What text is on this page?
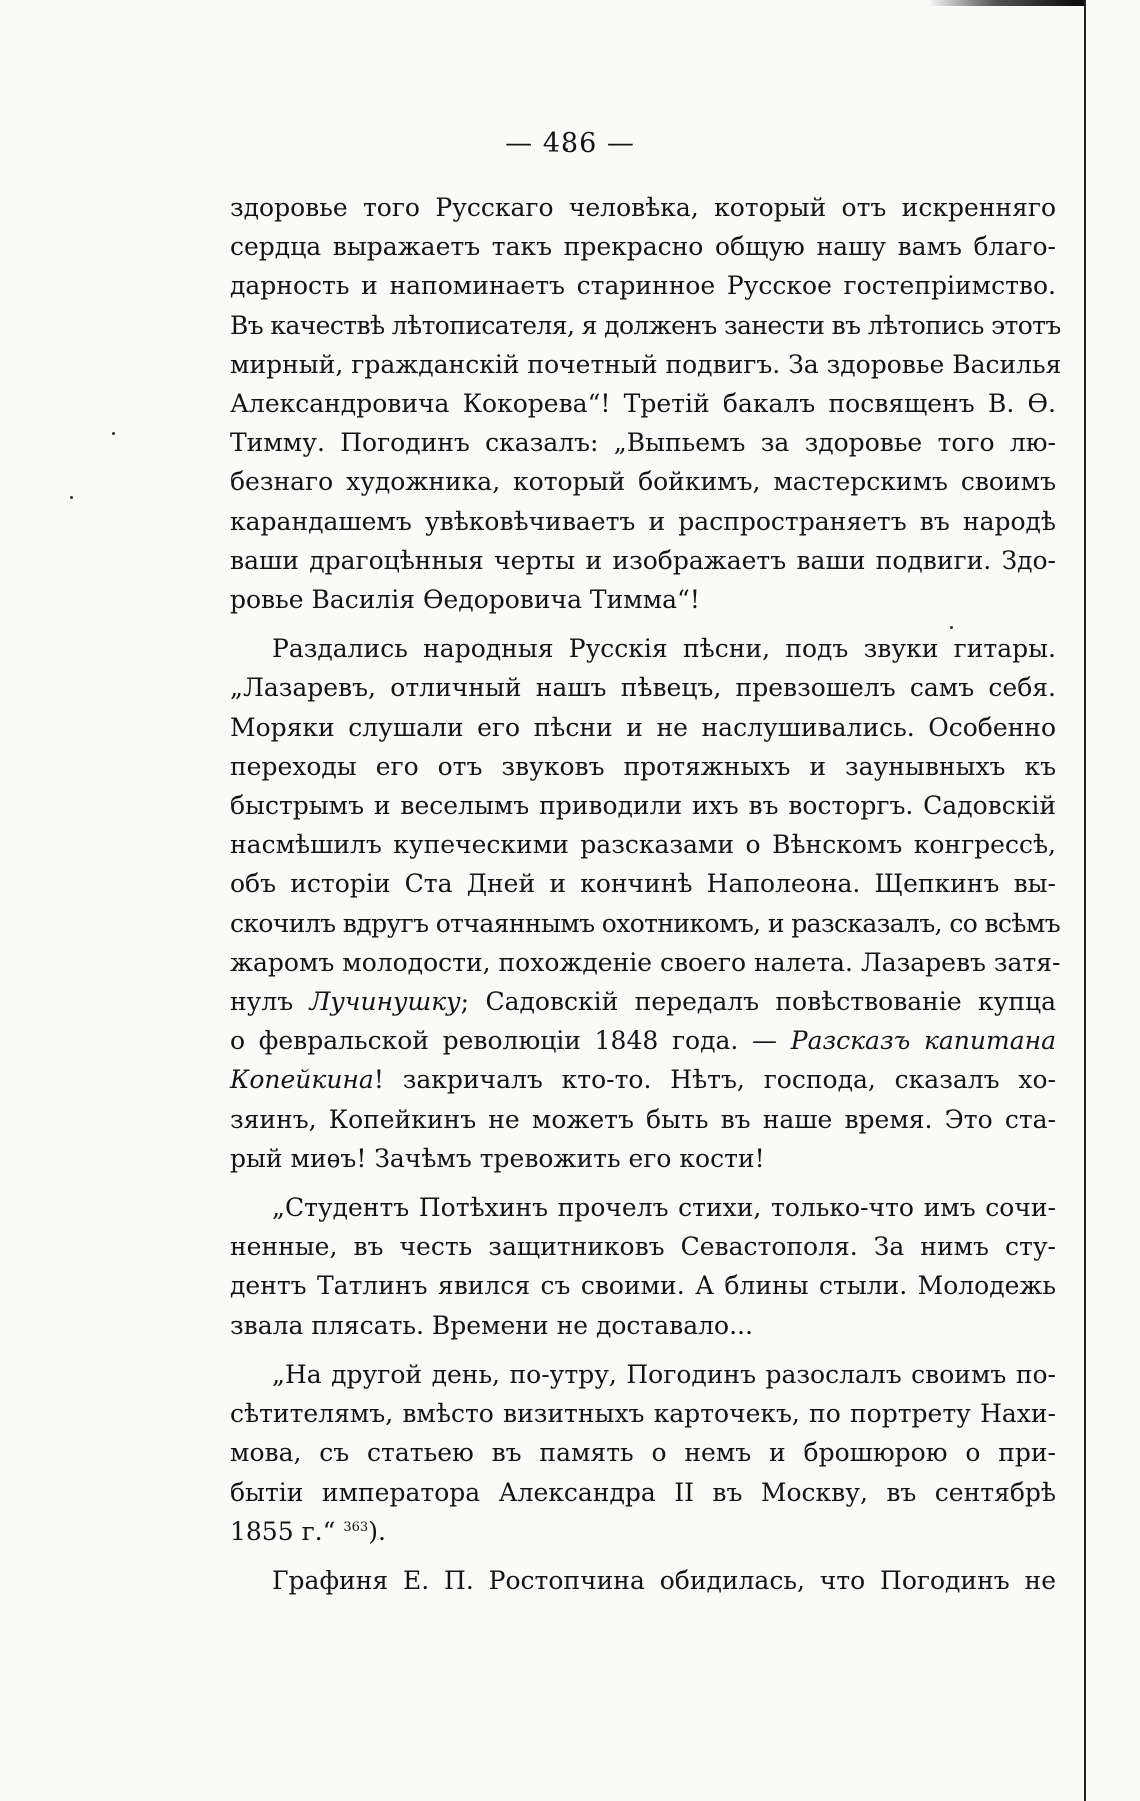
— 486 —
здоровье того Русскаго человѣка, который отъ искренняго
сердца выражаетъ такъ прекрасно общую нашу вамъ благо-
дарность и напоминаетъ старинное Русское гостепріимство.
Въ качествѣ лѣтописателя, я долженъ занести въ лѣтопись этотъ
мирный, гражданскій почетный подвигъ. За здоровье Василья
Александровича Кокорева“! Третій бакалъ посвященъ В. Ѳ.
Тимму. Погодинъ сказалъ: „Выпьемъ за здоровье того лю-
безнаго художника, который бойкимъ, мастерскимъ своимъ
карандашемъ увѣковѣчиваетъ и распространяетъ въ народѣ
ваши драгоцѣнныя черты и изображаетъ ваши подвиги. Здо-
ровье Василія Ѳедоровича Тимма“!
Раздались народныя Русскія пѣсни, подъ звуки гитары.
„Лазаревъ, отличный нашъ пѣвецъ, превзошелъ самъ себя.
Моряки слушали его пѣсни и не наслушивались. Особенно
переходы его отъ звуковъ протяжныхъ и заунывныхъ къ
быстрымъ и веселымъ приводили ихъ въ восторгъ. Садовскій
насмѣшилъ купеческими разсказами о Вѣнскомъ конгрессѣ,
объ исторіи Ста Дней и кончинѣ Наполеона. Щепкинъ вы-
скочилъ вдругъ отчаяннымъ охотникомъ, и разсказалъ, со всѣмъ
жаромъ молодости, похожденіе своего налета. Лазаревъ затя-
нулъ Лучинушку; Садовскій передалъ повѣствованіе купца
о февральской революціи 1848 года. — Разсказъ капитана
Копейкина! закричалъ кто-то. Нѣтъ, господа, сказалъ хо-
зяинъ, Копейкинъ не можетъ быть въ наше время. Это ста-
рый миѳъ! Зачѣмъ тревожить его кости!
„Студентъ Потѣхинъ прочелъ стихи, только-что имъ сочи-
ненные, въ честь защитниковъ Севастополя. За нимъ сту-
дентъ Татлинъ явился съ своими. А блины стыли. Молодежь
звала плясать. Времени не доставало...
„На другой день, по-утру, Погодинъ разослалъ своимъ по-
сѣтителямъ, вмѣсто визитныхъ карточекъ, по портрету Нахи-
мова, съ статьею въ память о немъ и брошюрою о при-
бытіи императора Александра II въ Москву, въ сентябрѣ
1855 г.“ $^{363}$).
Графиня Е. П. Ростопчина обидилась, что Погодинъ не
